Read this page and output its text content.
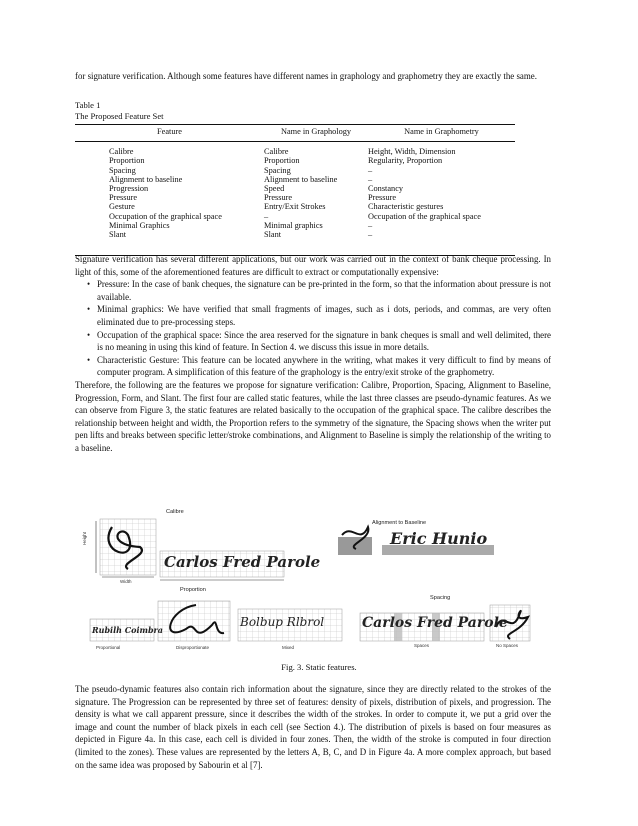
for signature verification. Although some features have different names in graphology and graphometry they are exactly the same.

Table 1
The Proposed Feature Set
Feature	Name in Graphology	Name in Graphometry
Calibre	Calibre	Height, Width, Dimension
Proportion	Proportion	Regularity, Proportion
Spacing	Spacing	–
Alignment to baseline	Alignment to baseline	–
Progression	Speed	Constancy
Pressure	Pressure	Pressure
Gesture	Entry/Exit Strokes	Characteristic gestures
Occupation of the graphical space	–	Occupation of the graphical space
Minimal Graphics	Minimal graphics	–
Slant	Slant	–

Signature verification has several different applications, but our work was carried out in the context of bank cheque processing. In light of this, some of the aforementioned features are difficult to extract or computationally expensive:

• Pressure: In the case of bank cheques, the signature can be pre-printed in the form, so that the information about pressure is not available.
• Minimal graphics: We have verified that small fragments of images, such as i dots, periods, and commas, are very often eliminated due to pre-processing steps.
• Occupation of the graphical space: Since the area reserved for the signature in bank cheques is small and well delimited, there is no meaning in using this kind of feature. In Section 4. we discuss this issue in more details.
• Characteristic Gesture: This feature can be located anywhere in the writing, what makes it very difficult to find by means of computer program. A simplification of this feature of the graphology is the entry/exit stroke of the graphometry.

Therefore, the following are the features we propose for signature verification: Calibre, Proportion, Spacing, Alignment to Baseline, Progression, Form, and Slant. The first four are called static features, while the last three classes are pseudo-dynamic features. As we can observe from Figure 3, the static features are related basically to the occupation of the graphical space. The calibre describes the relationship between height and width, the Proportion refers to the symmetry of the signature, the Spacing shows when the writer put pen lifts and breaks between specific letter/stroke combinations, and Alignment to Baseline is simply the relationship of the writing to a baseline.

Calibre
Height
Width
Carlos Fred Parole
Alignment to Baseline
Eric Hunio
Proportion
Rubilh Coimbra
Bolbup Rlbrol
Spacing
Carlos Fred Parole
Proportional	Disproportionate	Mixed	Spaces	No Spaces
Fig. 3. Static features.

The pseudo-dynamic features also contain rich information about the signature, since they are directly related to the strokes of the signature. The Progression can be represented by three set of features: density of pixels, distribution of pixels, and progression. The density is what we call apparent pressure, since it describes the width of the strokes. In order to compute it, we put a grid over the image and count the number of black pixels in each cell (see Section 4.). The distribution of pixels is based on four measures as depicted in Figure 4a. In this case, each cell is divided in four zones. Then, the width of the stroke is computed in four direction (limited to the zones). These values are represented by the letters A, B, C, and D in Figure 4a. A more complex approach, but based on the same idea was proposed by Sabourin et al [7].
